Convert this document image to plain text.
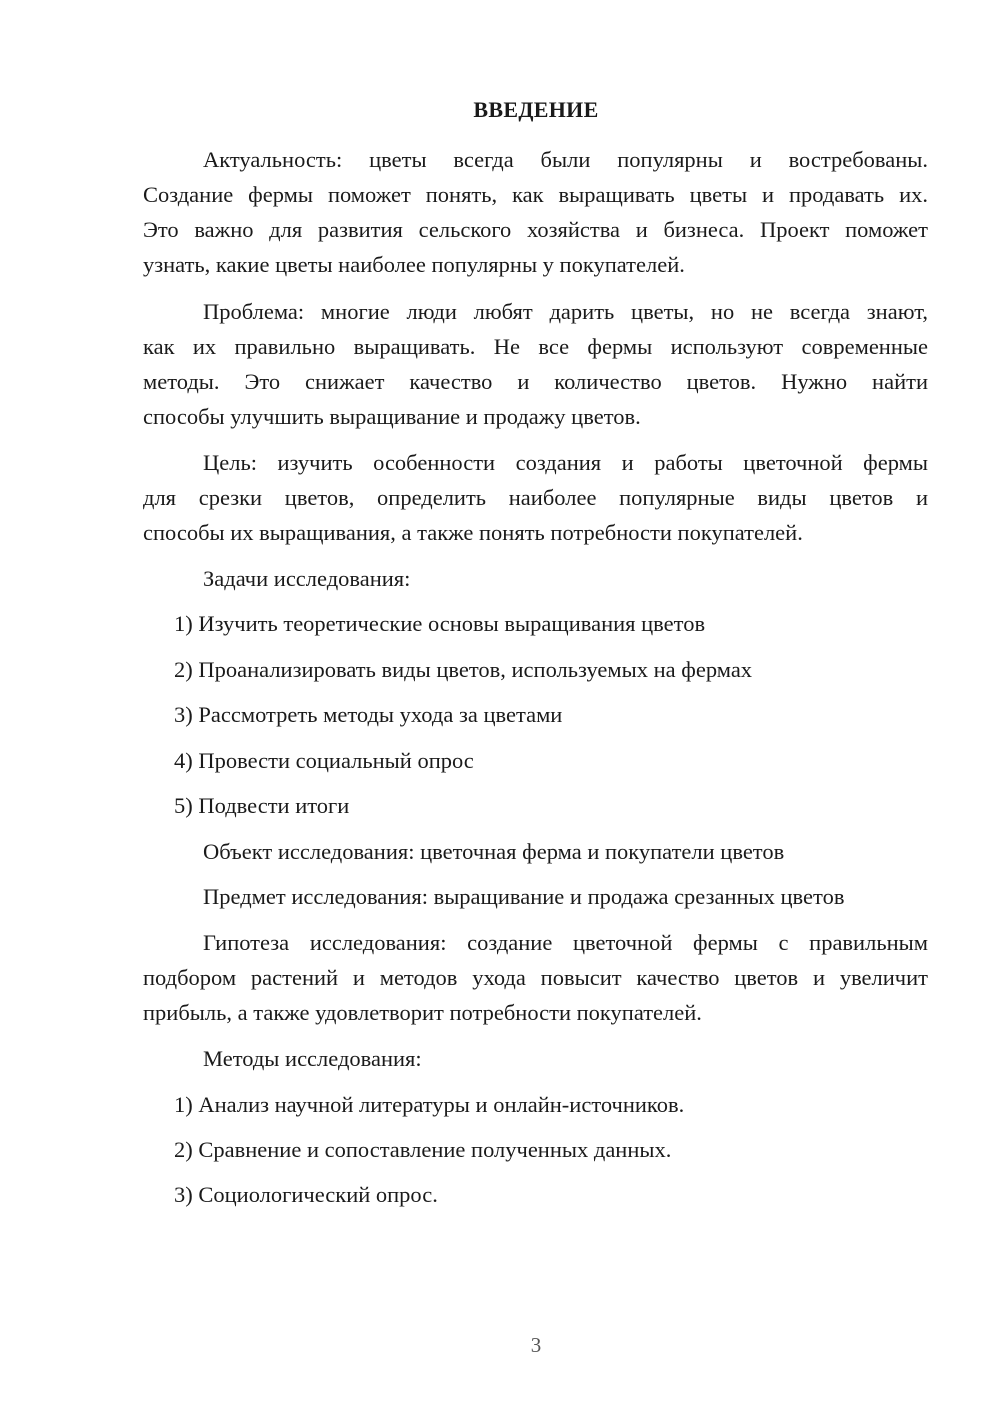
ВВЕДЕНИЕ
Актуальность: цветы всегда были популярны и востребованы.
Создание фермы поможет понять, как выращивать цветы и продавать их.
Это важно для развития сельского хозяйства и бизнеса. Проект поможет
узнать, какие цветы наиболее популярны у покупателей.
Проблема: многие люди любят дарить цветы, но не всегда знают,
как их правильно выращивать. Не все фермы используют современные
методы. Это снижает качество и количество цветов. Нужно найти
способы улучшить выращивание и продажу цветов.
Цель: изучить особенности создания и работы цветочной фермы
для срезки цветов, определить наиболее популярные виды цветов и
способы их выращивания, а также понять потребности покупателей.
Задачи исследования:
1) Изучить теоретические основы выращивания цветов
2) Проанализировать виды цветов, используемых на фермах
3) Рассмотреть методы ухода за цветами
4) Провести социальный опрос
5) Подвести итоги
Объект исследования: цветочная ферма и покупатели цветов
Предмет исследования: выращивание и продажа срезанных цветов
Гипотеза исследования: создание цветочной фермы с правильным
подбором растений и методов ухода повысит качество цветов и увеличит
прибыль, а также удовлетворит потребности покупателей.
Методы исследования:
1) Анализ научной литературы и онлайн-источников.
2) Сравнение и сопоставление полученных данных.
3) Социологический опрос.
3
